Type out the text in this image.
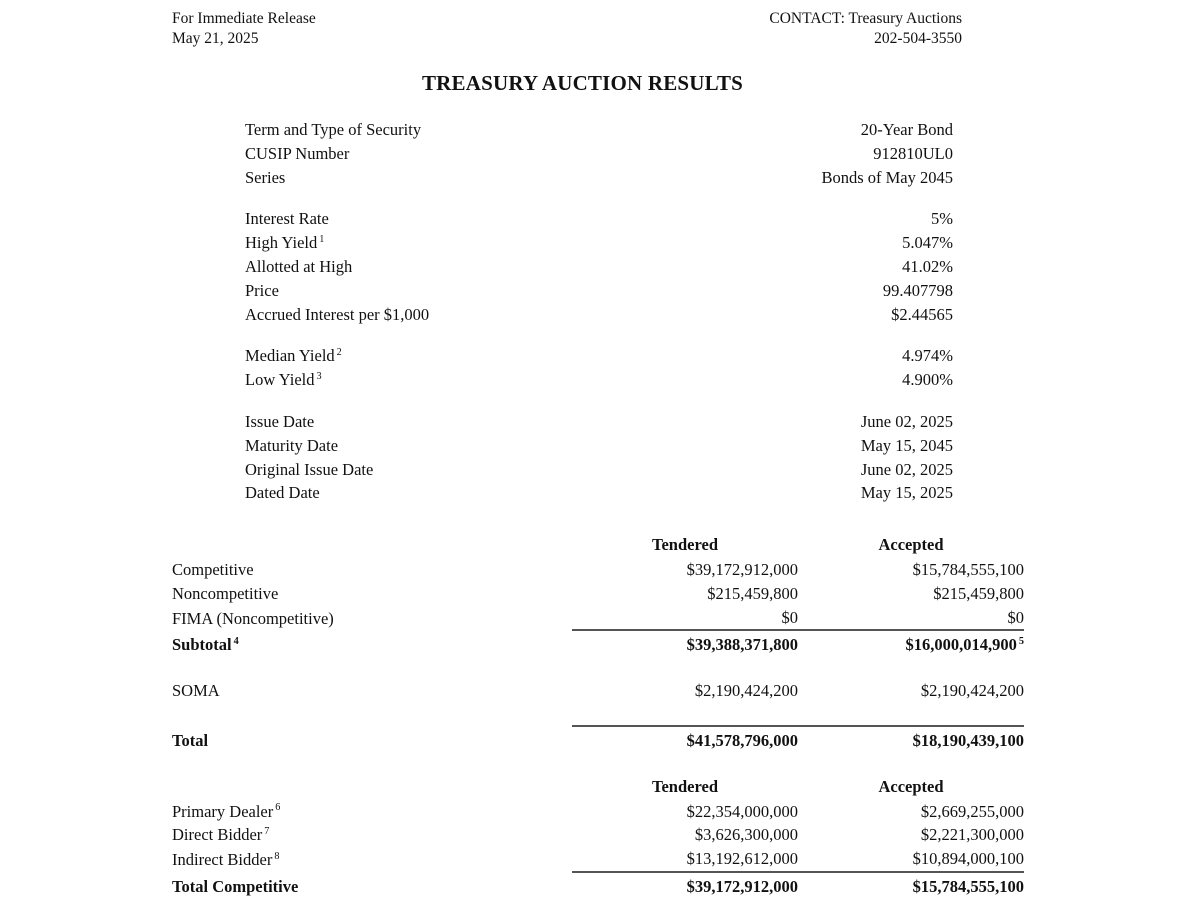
For Immediate Release
May 21, 2025
CONTACT: Treasury Auctions
202-504-3550
TREASURY AUCTION RESULTS
Term and Type of Security	20-Year Bond
CUSIP Number	912810UL0
Series	Bonds of May 2045
Interest Rate	5%
High Yield $^1$	5.047%
Allotted at High	41.02%
Price	99.407798
Accrued Interest per $1,000	$2.44565
Median Yield $^2$	4.974%
Low Yield $^3$	4.900%
Issue Date	June 02, 2025
Maturity Date	May 15, 2045
Original Issue Date	June 02, 2025
Dated Date	May 15, 2025
	Tendered	Accepted
Competitive	$39,172,912,000	$15,784,555,100
Noncompetitive	$215,459,800	$215,459,800
FIMA (Noncompetitive)	$0	$0
Subtotal $^4$	$39,388,371,800	$16,000,014,900 $^5$

SOMA	$2,190,424,200	$2,190,424,200

Total	$41,578,796,000	$18,190,439,100
	Tendered	Accepted
Primary Dealer $^6$	$22,354,000,000	$2,669,255,000
Direct Bidder $^7$	$3,626,300,000	$2,221,300,000
Indirect Bidder $^8$	$13,192,612,000	$10,894,000,100
Total Competitive	$39,172,912,000	$15,784,555,100
